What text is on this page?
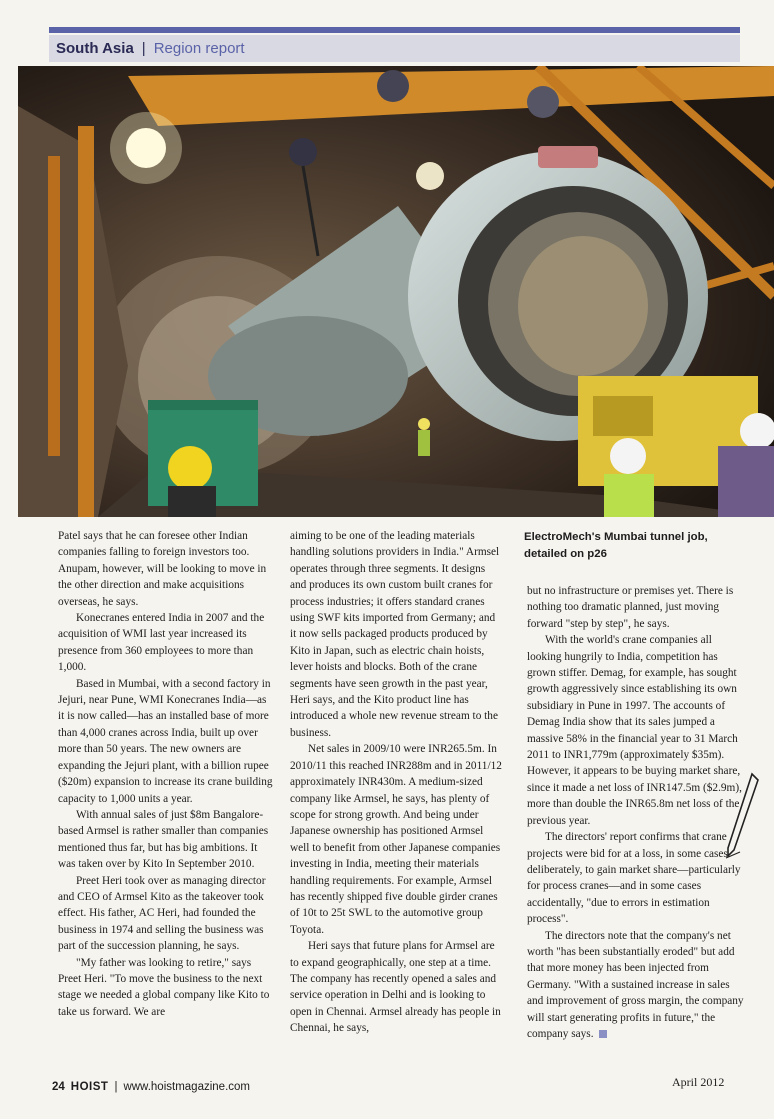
South Asia | Region report

Patel says that he can foresee other Indian companies falling to foreign investors too. Anupam, however, will be looking to move in the other direction and make acquisitions overseas, he says.

Konecranes entered India in 2007 and the acquisition of WMI last year increased its presence from 360 employees to more than 1,000.

Based in Mumbai, with a second factory in Jejuri, near Pune, WMI Konecranes India—as it is now called—has an installed base of more than 4,000 cranes across India, built up over more than 50 years. The new owners are expanding the Jejuri plant, with a billion rupee ($20m) expansion to increase its crane building capacity to 1,000 units a year.

With annual sales of just $8m Bangalore-based Armsel is rather smaller than companies mentioned thus far, but has big ambitions. It was taken over by Kito In September 2010.

Preet Heri took over as managing director and CEO of Armsel Kito as the takeover took effect. His father, AC Heri, had founded the business in 1974 and selling the business was part of the succession planning, he says.

"My father was looking to retire," says Preet Heri. "To move the business to the next stage we needed a global company like Kito to take us forward. We are

aiming to be one of the leading materials handling solutions providers in India." Armsel operates through three segments. It designs and produces its own custom built cranes for process industries; it offers standard cranes using SWF kits imported from Germany; and it now sells packaged products produced by Kito in Japan, such as electric chain hoists, lever hoists and blocks. Both of the crane segments have seen growth in the past year, Heri says, and the Kito product line has introduced a whole new revenue stream to the business.

Net sales in 2009/10 were INR265.5m. In 2010/11 this reached INR288m and in 2011/12 approximately INR430m. A medium-sized company like Armsel, he says, has plenty of scope for strong growth. And being under Japanese ownership has positioned Armsel well to benefit from other Japanese companies investing in India, meeting their materials handling requirements. For example, Armsel has recently shipped five double girder cranes of 10t to 25t SWL to the automotive group Toyota.

Heri says that future plans for Armsel are to expand geographically, one step at a time. The company has recently opened a sales and service operation in Delhi and is looking to open in Chennai. Armsel already has people in Chennai, he says,

ElectroMech's Mumbai tunnel job, detailed on p26

but no infrastructure or premises yet. There is nothing too dramatic planned, just moving forward "step by step", he says.

With the world's crane companies all looking hungrily to India, competition has grown stiffer. Demag, for example, has sought growth aggressively since establishing its own subsidiary in Pune in 1997. The accounts of Demag India show that its sales jumped a massive 58% in the financial year to 31 March 2011 to INR1,779m (approximately $35m). However, it appears to be buying market share, since it made a net loss of INR147.5m ($2.9m), more than double the INR65.8m net loss of the previous year.

The directors' report confirms that crane projects were bid for at a loss, in some cases deliberately, to gain market share—particularly for process cranes—and in some cases accidentally, "due to errors in estimation process".

The directors note that the company's net worth "has been substantially eroded" but add that more money has been injected from Germany. "With a sustained increase in sales and improvement of gross margin, the company will start generating profits in future," the company says.

24 HOIST | www.hoistmagazine.com	April 2012
